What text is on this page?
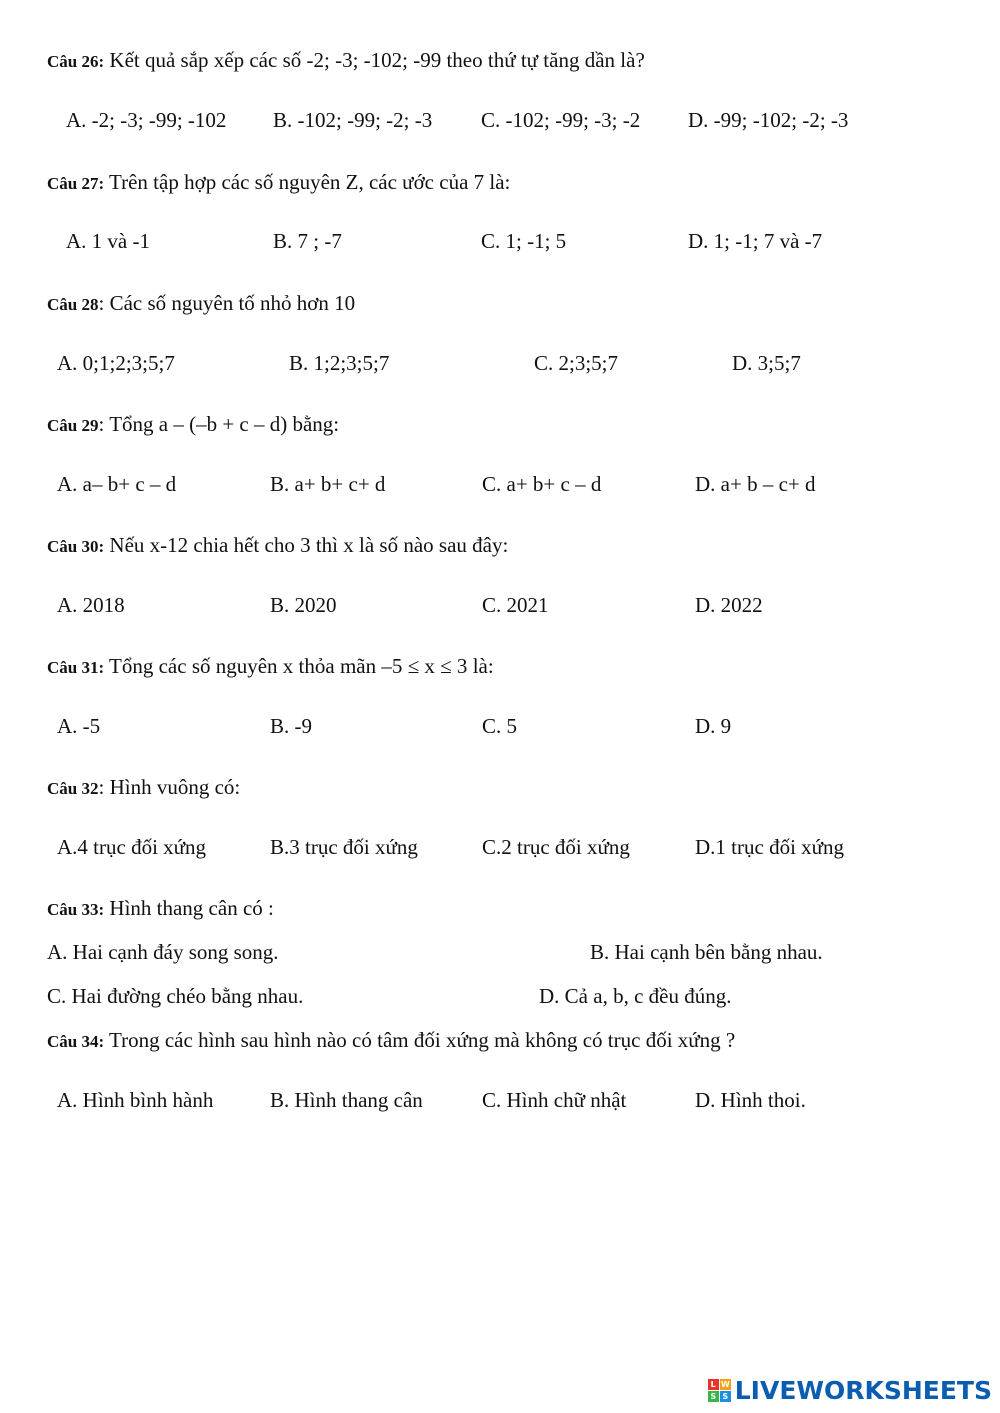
Câu 26: Kết quả sắp xếp các số -2; -3; -102; -99 theo thứ tự tăng dần là?
A. -2; -3; -99; -102 B. -102; -99; -2; -3 C. -102; -99; -3; -2 D. -99; -102; -2; -3
Câu 27: Trên tập hợp các số nguyên Z, các ước của 7 là:
A. 1 và -1	B. 7 ; -7	C. 1; -1; 5	D. 1; -1; 7 và -7
Câu 28: Các số nguyên tố nhỏ hơn 10
A. 0;1;2;3;5;7	B. 1;2;3;5;7	C. 2;3;5;7	D. 3;5;7
Câu 29: Tổng a – (–b + c – d) bằng:
A. a– b+ c – d	B. a+ b+ c+ d	C. a+ b+ c – d	D. a+ b – c+ d
Câu 30: Nếu x-12 chia hết cho 3 thì x là số nào sau đây:
A. 2018	B. 2020	C. 2021	D. 2022
Câu 31: Tổng các số nguyên x thỏa mãn –5 ≤ x ≤ 3 là:
A. -5	B. -9	C. 5	D. 9
Câu 32: Hình vuông có:
A.4 trục đối xứng	B.3 trục đối xứng	C.2 trục đối xứng	D.1 trục đối xứng
Câu 33: Hình thang cân có :
A. Hai cạnh đáy song song.	B. Hai cạnh bên bằng nhau.
C. Hai đường chéo bằng nhau.	D. Cả a, b, c đều đúng.
Câu 34: Trong các hình sau hình nào có tâm đối xứng mà không có trục đối xứng ?
A. Hình bình hành	B. Hình thang cân	C. Hình chữ nhật	D. Hình thoi.
L W
S S LIVEWORKSHEETS
